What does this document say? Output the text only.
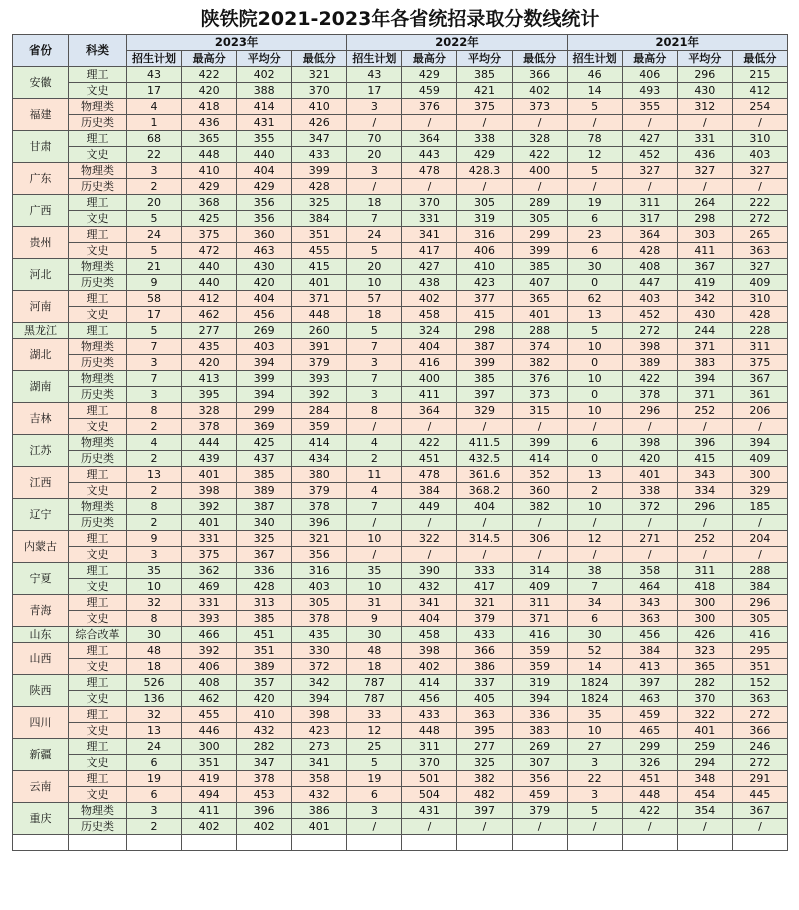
陕铁院2021-2023年各省统招录取分数线统计
省份	科类	2023年				2022年				2021年			
		招生计划	最高分	平均分	最低分	招生计划	最高分	平均分	最低分	招生计划	最高分	平均分	最低分
安徽	理工	43	422	402	321	43	429	385	366	46	406	296	215
	文史	17	420	388	370	17	459	421	402	14	493	430	412
福建	物理类	4	418	414	410	3	376	375	373	5	355	312	254
	历史类	1	436	431	426	/	/	/	/	/	/	/	/
甘肃	理工	68	365	355	347	70	364	338	328	78	427	331	310
	文史	22	448	440	433	20	443	429	422	12	452	436	403
广东	物理类	3	410	404	399	3	478	428.3	400	5	327	327	327
	历史类	2	429	429	428	/	/	/	/	/	/	/	/
广西	理工	20	368	356	325	18	370	305	289	19	311	264	222
	文史	5	425	356	384	7	331	319	305	6	317	298	272
贵州	理工	24	375	360	351	24	341	316	299	23	364	303	265
	文史	5	472	463	455	5	417	406	399	6	428	411	363
河北	物理类	21	440	430	415	20	427	410	385	30	408	367	327
	历史类	9	440	420	401	10	438	423	407	0	447	419	409
河南	理工	58	412	404	371	57	402	377	365	62	403	342	310
	文史	17	462	456	448	18	458	415	401	13	452	430	428
黑龙江	理工	5	277	269	260	5	324	298	288	5	272	244	228
湖北	物理类	7	435	403	391	7	404	387	374	10	398	371	311
	历史类	3	420	394	379	3	416	399	382	0	389	383	375
湖南	物理类	7	413	399	393	7	400	385	376	10	422	394	367
	历史类	3	395	394	392	3	411	397	373	0	378	371	361
吉林	理工	8	328	299	284	8	364	329	315	10	296	252	206
	文史	2	378	369	359	/	/	/	/	/	/	/	/
江苏	物理类	4	444	425	414	4	422	411.5	399	6	398	396	394
	历史类	2	439	437	434	2	451	432.5	414	0	420	415	409
江西	理工	13	401	385	380	11	478	361.6	352	13	401	343	300
	文史	2	398	389	379	4	384	368.2	360	2	338	334	329
辽宁	物理类	8	392	387	378	7	449	404	382	10	372	296	185
	历史类	2	401	340	396	/	/	/	/	/	/	/	/
内蒙古	理工	9	331	325	321	10	322	314.5	306	12	271	252	204
	文史	3	375	367	356	/	/	/	/	/	/	/	/
宁夏	理工	35	362	336	316	35	390	333	314	38	358	311	288
	文史	10	469	428	403	10	432	417	409	7	464	418	384
青海	理工	32	331	313	305	31	341	321	311	34	343	300	296
	文史	8	393	385	378	9	404	379	371	6	363	300	305
山东	综合改革	30	466	451	435	30	458	433	416	30	456	426	416
山西	理工	48	392	351	330	48	398	366	359	52	384	323	295
	文史	18	406	389	372	18	402	386	359	14	413	365	351
陕西	理工	526	408	357	342	787	414	337	319	1824	397	282	152
	文史	136	462	420	394	787	456	405	394	1824	463	370	363
四川	理工	32	455	410	398	33	433	363	336	35	459	322	272
	文史	13	446	432	423	12	448	395	383	10	465	401	366
新疆	理工	24	300	282	273	25	311	277	269	27	299	259	246
	文史	6	351	347	341	5	370	325	307	3	326	294	272
云南	理工	19	419	378	358	19	501	382	356	22	451	348	291
	文史	6	494	453	432	6	504	482	459	3	448	454	445
重庆	物理类	3	411	396	386	3	431	397	379	5	422	354	367
	历史类	2	402	402	401	/	/	/	/	/	/	/	/
